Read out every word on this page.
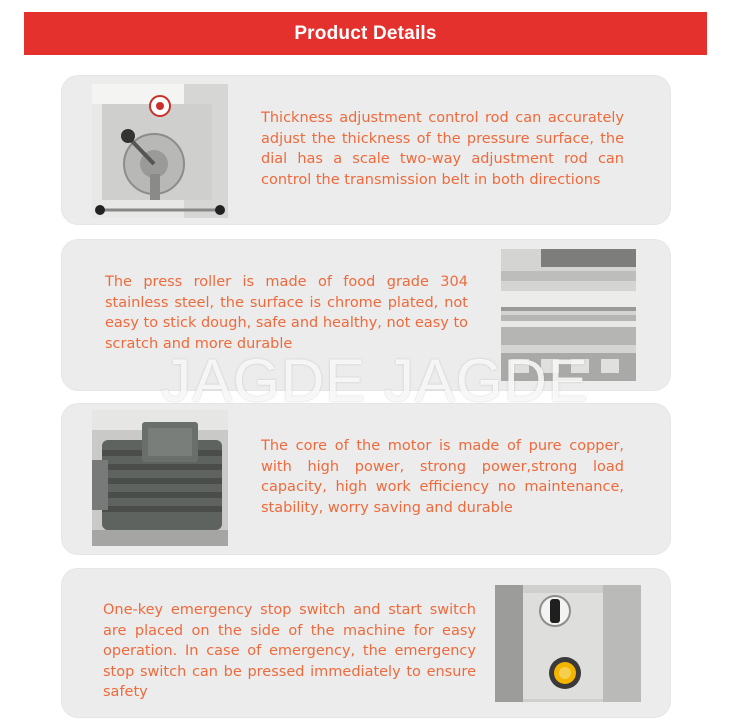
Product Details
Thickness adjustment control rod can accurately adjust the thickness of the pressure surface, the dial has a scale two-way adjustment rod can control the transmission belt in both directions
The press roller is made of food grade 304 stainless steel, the surface is chrome plated, not easy to stick dough, safe and healthy, not easy to scratch and more durable
The core of the motor is made of pure copper, with high power, strong power,strong load capacity, high work efficiency no maintenance, stability, worry saving and durable
One-key emergency stop switch and start switch are placed on the side of the machine for easy operation. In case of emergency, the emergency stop switch can be pressed immediately to ensure safety
JAGDE JAGDE
